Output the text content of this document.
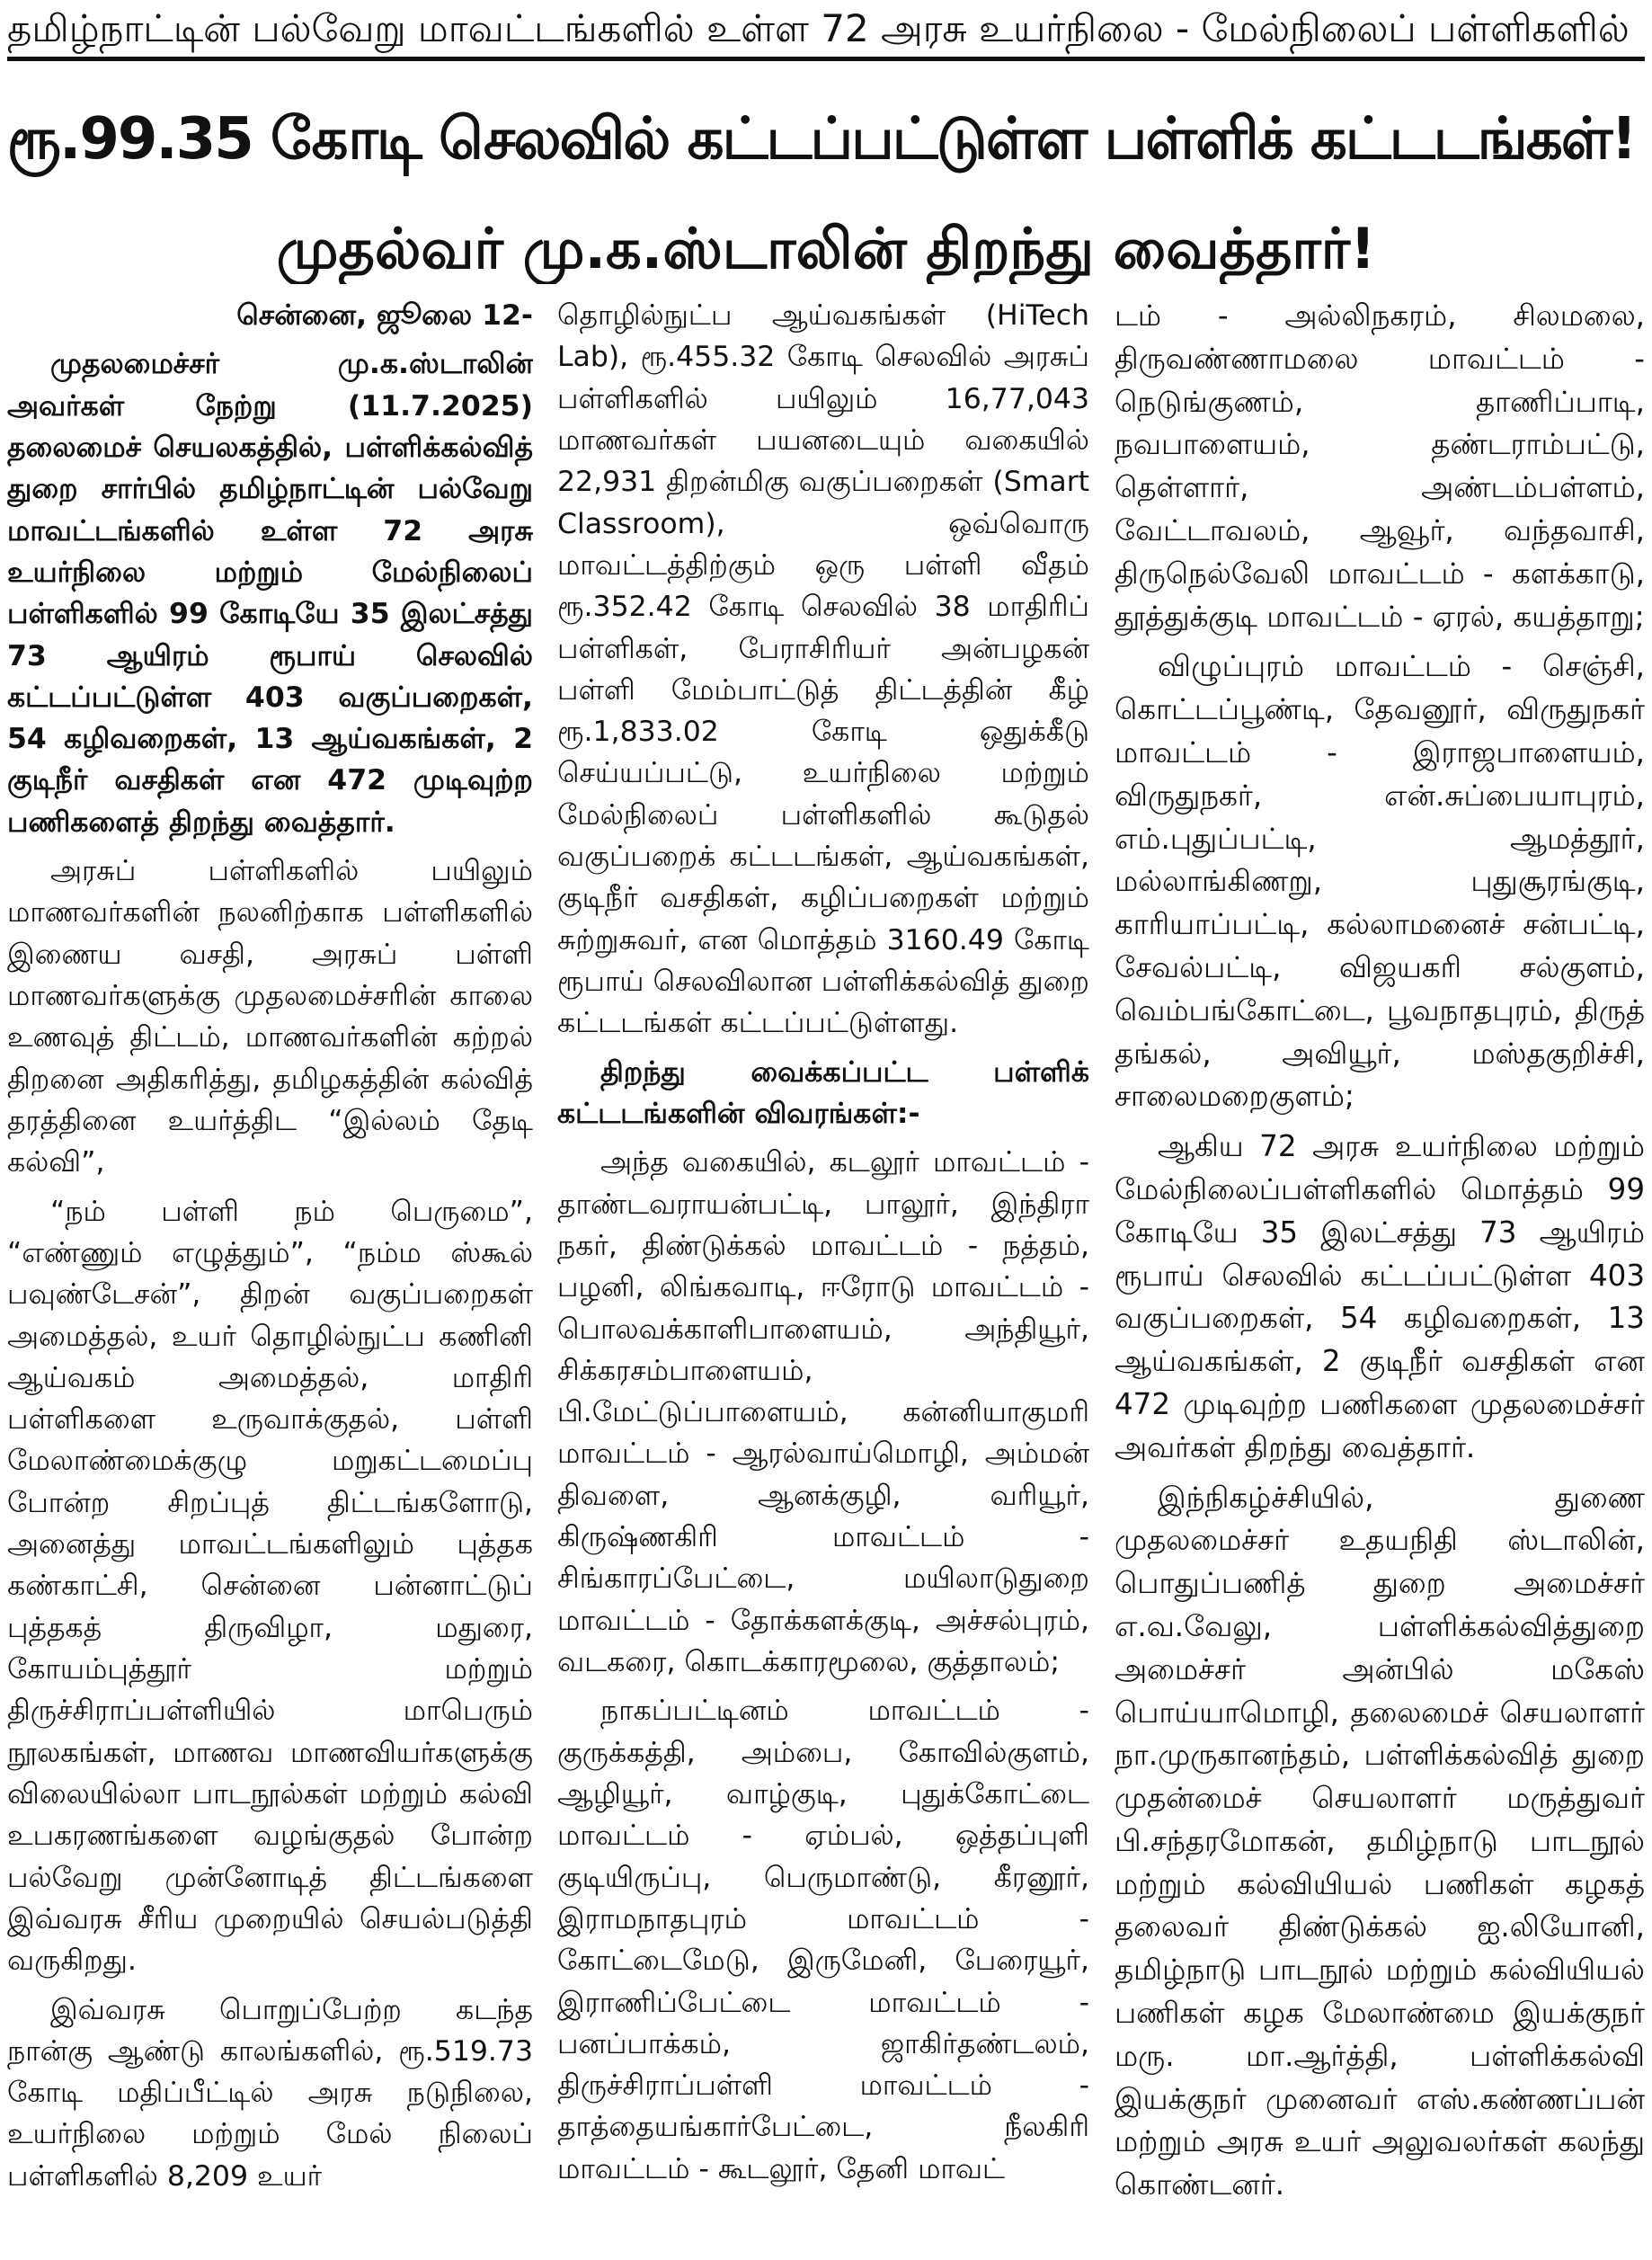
தமிழ்நாட்டின் பல்வேறு மாவட்டங்களில் உள்ள 72 அரசு உயர்நிலை - மேல்நிலைப் பள்ளிகளில்
ரூ.99.35 கோடி செலவில் கட்டப்பட்டுள்ள பள்ளிக் கட்டடங்கள்!
முதல்வர் மு.க.ஸ்டாலின் திறந்து வைத்தார்!
சென்னை, ஜூலை 12-

முதலமைச்சர் மு.க.ஸ்டாலின் அவர்கள் நேற்று (11.7.2025) தலைமைச் செயலகத்தில், பள்ளிக்கல்வித் துறை சார்பில் தமிழ்நாட்டின் பல்வேறு மாவட்டங்களில் உள்ள 72 அரசு உயர்நிலை மற்றும் மேல்நிலைப் பள்ளிகளில் 99 கோடியே 35 இலட்சத்து 73 ஆயிரம் ரூபாய் செலவில் கட்டப்பட்டுள்ள 403 வகுப்பறைகள், 54 கழிவறைகள், 13 ஆய்வகங்கள், 2 குடிநீர் வசதிகள் என 472 முடிவுற்ற பணிகளைத் திறந்து வைத்தார்.

அரசுப் பள்ளிகளில் பயிலும் மாணவர்களின் நலனிற்காக பள்ளிகளில் இணைய வசதி, அரசுப் பள்ளி மாணவர்களுக்கு முதலமைச்சரின் காலை உணவுத் திட்டம், மாணவர்களின் கற்றல் திறனை அதிகரித்து, தமிழகத்தின் கல்வித் தரத்தினை உயர்த்திட “இல்லம் தேடி கல்வி”,

“நம் பள்ளி நம் பெருமை”, “எண்ணும் எழுத்தும்”, “நம்ம ஸ்கூல் பவுண்டேசன்”, திறன் வகுப்பறைகள் அமைத்தல், உயர் தொழில்நுட்ப கணினி ஆய்வகம் அமைத்தல், மாதிரி பள்ளிகளை உருவாக்குதல், பள்ளி மேலாண்மைக்குழு மறுகட்டமைப்பு போன்ற சிறப்புத் திட்டங்களோடு, அனைத்து மாவட்டங்களிலும் புத்தக கண்காட்சி, சென்னை பன்னாட்டுப் புத்தகத் திருவிழா, மதுரை, கோயம்புத்தூர் மற்றும் திருச்சிராப்பள்ளியில் மாபெரும் நூலகங்கள், மாணவ மாணவியர்களுக்கு விலையில்லா பாடநூல்கள் மற்றும் கல்வி உபகரணங்களை வழங்குதல் போன்ற பல்வேறு முன்னோடித் திட்டங்களை இவ்வரசு சீரிய முறையில் செயல்படுத்தி வருகிறது.

இவ்வரசு பொறுப்பேற்ற கடந்த நான்கு ஆண்டு காலங்களில், ரூ.519.73 கோடி மதிப்பீட்டில் அரசு நடுநிலை, உயர்நிலை மற்றும் மேல் நிலைப் பள்ளிகளில் 8,209 உயர்

தொழில்நுட்ப ஆய்வகங்கள் (HiTech Lab), ரூ.455.32 கோடி செலவில் அரசுப் பள்ளிகளில் பயிலும் 16,77,043 மாணவர்கள் பயனடையும் வகையில் 22,931 திறன்மிகு வகுப்பறைகள் (Smart Classroom), ஒவ்வொரு மாவட்டத்திற்கும் ஒரு பள்ளி வீதம் ரூ.352.42 கோடி செலவில் 38 மாதிரிப் பள்ளிகள், பேராசிரியர் அன்பழகன் பள்ளி மேம்பாட்டுத் திட்டத்தின் கீழ் ரூ.1,833.02 கோடி ஒதுக்கீடு செய்யப்பட்டு, உயர்நிலை மற்றும் மேல்நிலைப் பள்ளிகளில் கூடுதல் வகுப்பறைக் கட்டடங்கள், ஆய்வகங்கள், குடிநீர் வசதிகள், கழிப்பறைகள் மற்றும் சுற்றுசுவர், என மொத்தம் 3160.49 கோடி ரூபாய் செலவிலான பள்ளிக்கல்வித் துறை கட்டடங்கள் கட்டப்பட்டுள்ளது.

திறந்து வைக்கப்பட்ட பள்ளிக் கட்டடங்களின் விவரங்கள்:-

அந்த வகையில், கடலூர் மாவட்டம் - தாண்டவராயன்பட்டி, பாலூர், இந்திரா நகர், திண்டுக்கல் மாவட்டம் - நத்தம், பழனி, லிங்கவாடி, ஈரோடு மாவட்டம் - பொலவக்காளிபாளையம், அந்தியூர், சிக்கரசம்பாளையம், பி.மேட்டுப்பாளையம், கன்னியாகுமரி மாவட்டம் - ஆரல்வாய்மொழி, அம்மன் திவளை, ஆனக்குழி, வரியூர், கிருஷ்ணகிரி மாவட்டம் - சிங்காரப்பேட்டை, மயிலாடுதுறை மாவட்டம் - தோக்களக்குடி, அச்சல்புரம், வடகரை, கொடக்காரமூலை, குத்தாலம்;

நாகப்பட்டினம் மாவட்டம் - குருக்கத்தி, அம்பை, கோவில்குளம், ஆழியூர், வாழ்குடி, புதுக்கோட்டை மாவட்டம் - ஏம்பல், ஒத்தப்புளி குடியிருப்பு, பெருமாண்டு, கீரனூர், இராமநாதபுரம் மாவட்டம் - கோட்டைமேடு, இருமேனி, பேரையூர், இராணிப்பேட்டை மாவட்டம் - பனப்பாக்கம், ஜாகிர்தண்டலம், திருச்சிராப்பள்ளி மாவட்டம் - தாத்தையங்கார்பேட்டை, நீலகிரி மாவட்டம் - கூடலூர், தேனி மாவட்

டம் - அல்லிநகரம், சிலமலை, திருவண்ணாமலை மாவட்டம் - நெடுங்குணம், தாணிப்பாடி, நவபாளையம், தண்டராம்பட்டு, தெள்ளார், அண்டம்பள்ளம், வேட்டாவலம், ஆவூர், வந்தவாசி, திருநெல்வேலி மாவட்டம் - களக்காடு, தூத்துக்குடி மாவட்டம் - ஏரல், கயத்தாறு;

விழுப்புரம் மாவட்டம் - செஞ்சி, கொட்டப்பூண்டி, தேவனூர், விருதுநகர் மாவட்டம் - இராஜபாளையம், விருதுநகர், என்.சுப்பையாபுரம், எம்.புதுப்பட்டி, ஆமத்தூர், மல்லாங்கிணறு, புதுசூரங்குடி, காரியாப்பட்டி, கல்லாமனைச் சன்பட்டி, சேவல்பட்டி, விஜயகரி சல்குளம், வெம்பங்கோட்டை, பூவநாதபுரம், திருத் தங்கல், அவியூர், மஸ்தகுறிச்சி, சாலைமறைகுளம்;

ஆகிய 72 அரசு உயர்நிலை மற்றும் மேல்நிலைப்பள்ளிகளில் மொத்தம் 99 கோடியே 35 இலட்சத்து 73 ஆயிரம் ரூபாய் செலவில் கட்டப்பட்டுள்ள 403 வகுப்பறைகள், 54 கழிவறைகள், 13 ஆய்வகங்கள், 2 குடிநீர் வசதிகள் என 472 முடிவுற்ற பணிகளை முதலமைச்சர் அவர்கள் திறந்து வைத்தார்.

இந்நிகழ்ச்சியில், துணை முதலமைச்சர் உதயநிதி ஸ்டாலின், பொதுப்பணித் துறை அமைச்சர் எ.வ.வேலு, பள்ளிக்கல்வித்துறை அமைச்சர் அன்பில் மகேஸ் பொய்யாமொழி, தலைமைச் செயலாளர் நா.முருகானந்தம், பள்ளிக்கல்வித் துறை முதன்மைச் செயலாளர் மருத்துவர் பி.சந்தரமோகன், தமிழ்நாடு பாடநூல் மற்றும் கல்வியியல் பணிகள் கழகத் தலைவர் திண்டுக்கல் ஐ.லியோனி, தமிழ்நாடு பாடநூல் மற்றும் கல்வியியல் பணிகள் கழக மேலாண்மை இயக்குநர் மரு. மா.ஆர்த்தி, பள்ளிக்கல்வி இயக்குநர் முனைவர் எஸ்.கண்ணப்பன் மற்றும் அரசு உயர் அலுவலர்கள் கலந்து கொண்டனர்.
